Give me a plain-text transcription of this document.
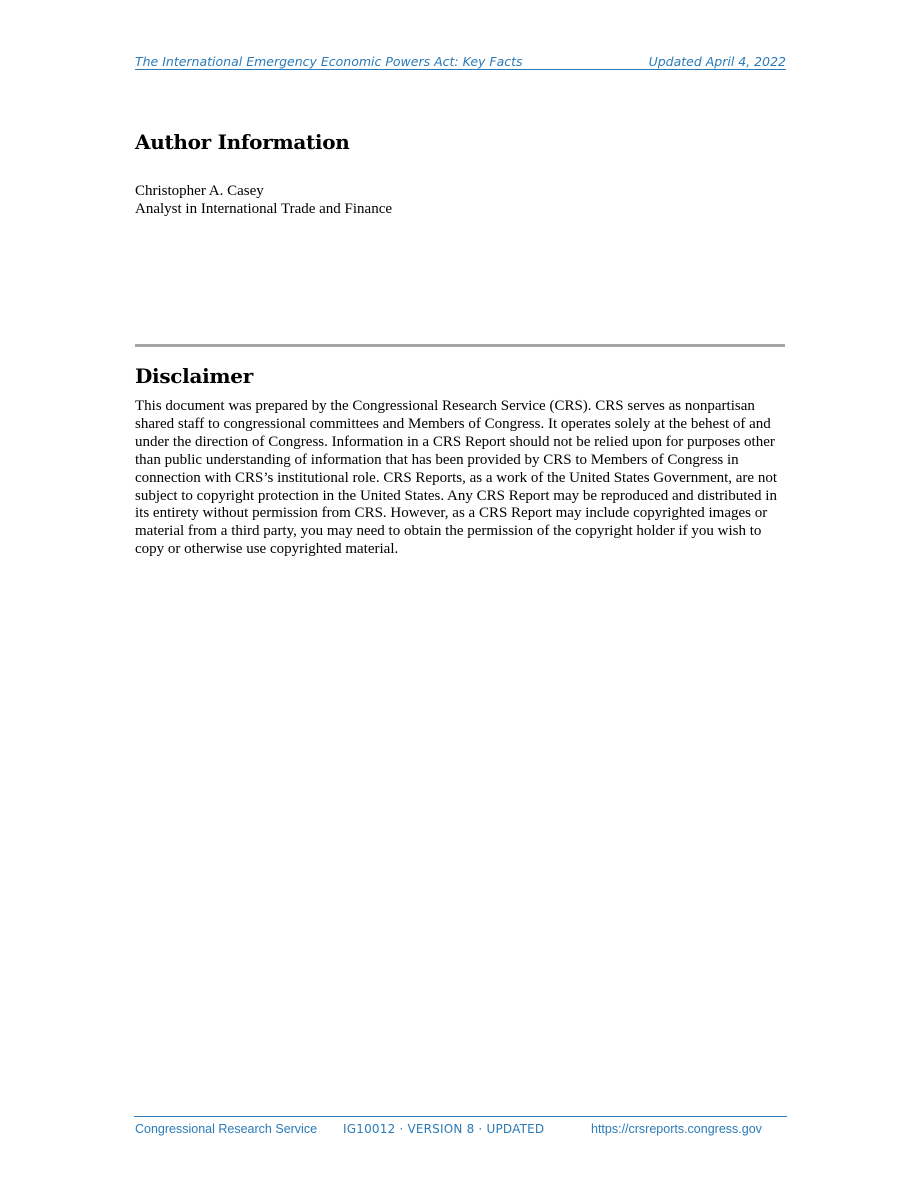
The International Emergency Economic Powers Act: Key Facts	Updated April 4, 2022
Author Information
Christopher A. Casey
Analyst in International Trade and Finance
Disclaimer

This document was prepared by the Congressional Research Service (CRS). CRS serves as nonpartisan shared staff to congressional committees and Members of Congress. It operates solely at the behest of and under the direction of Congress. Information in a CRS Report should not be relied upon for purposes other than public understanding of information that has been provided by CRS to Members of Congress in connection with CRS’s institutional role. CRS Reports, as a work of the United States Government, are not subject to copyright protection in the United States. Any CRS Report may be reproduced and distributed in its entirety without permission from CRS. However, as a CRS Report may include copyrighted images or material from a third party, you may need to obtain the permission of the copyright holder if you wish to copy or otherwise use copyrighted material.

Congressional Research Service IG10012 · VERSION 8 · UPDATED	https://crsreports.congress.gov
